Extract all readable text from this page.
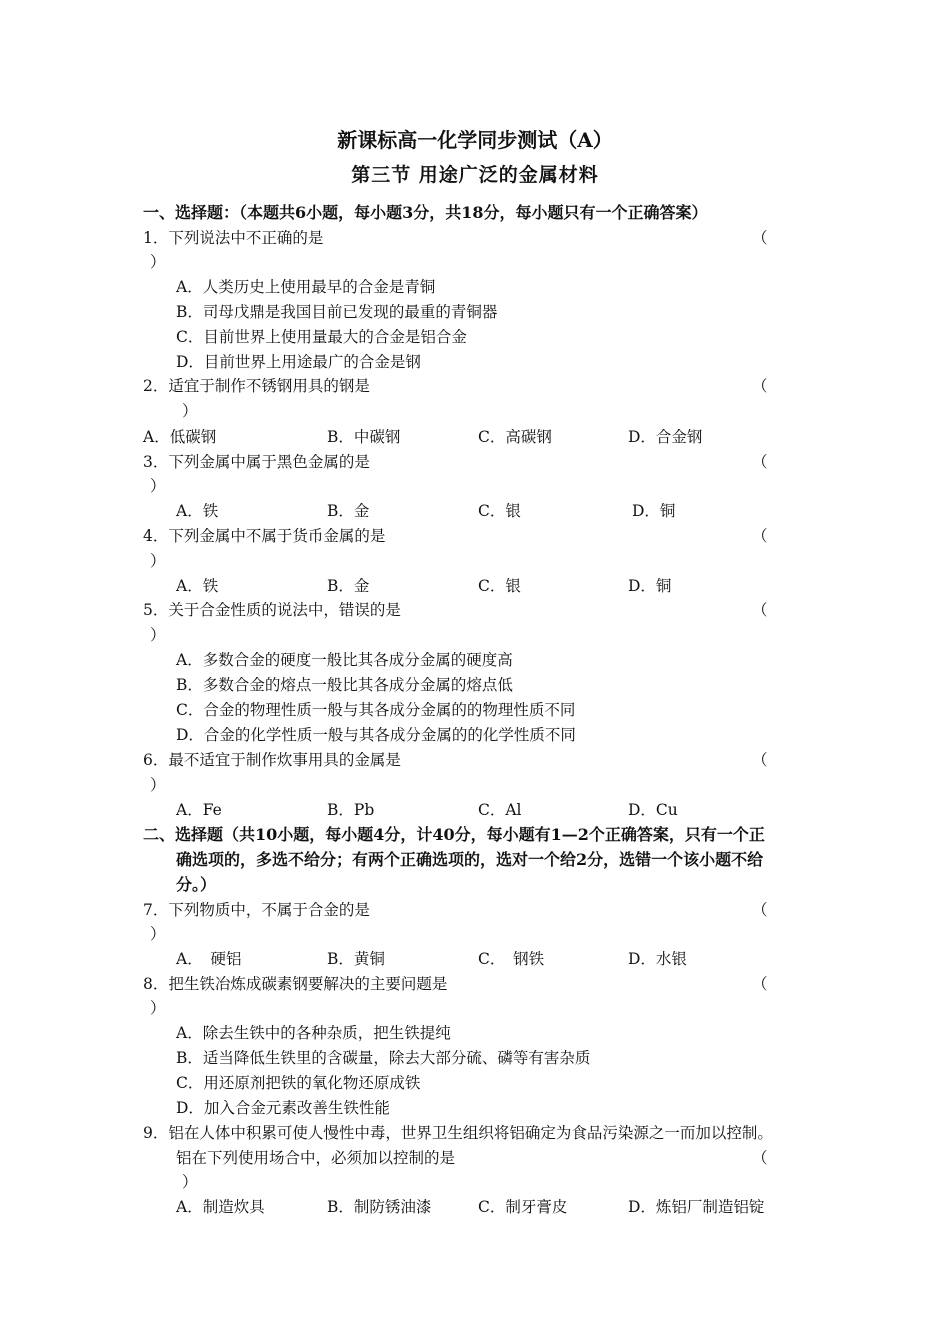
新课标高一化学同步测试（A）
第三节 用途广泛的金属材料
一、选择题：（本题共6小题，每小题3分，共18分，每小题只有一个正确答案）
1．下列说法中不正确的是	（
）
A．人类历史上使用最早的合金是青铜
B．司母戊鼎是我国目前已发现的最重的青铜器
C．目前世界上使用量最大的合金是铝合金
D．目前世界上用途最广的合金是钢
2．适宜于制作不锈钢用具的钢是	（
）
A．低碳钢	B．中碳钢	C．高碳钢	D．合金钢
3．下列金属中属于黑色金属的是	（
）
A．铁	B．金	C．银	D．铜
4．下列金属中不属于货币金属的是	（
）
A．铁	B．金	C．银	D．铜
5．关于合金性质的说法中，错误的是	（
）
A．多数合金的硬度一般比其各成分金属的硬度高
B．多数合金的熔点一般比其各成分金属的熔点低
C．合金的物理性质一般与其各成分金属的的物理性质不同
D．合金的化学性质一般与其各成分金属的的化学性质不同
6．最不适宜于制作炊事用具的金属是	（
）
A．Fe	B．Pb	C．Al	D．Cu
二、选择题（共10小题，每小题4分，计40分，每小题有1—2个正确答案，只有一个正
确选项的，多选不给分；有两个正确选项的，选对一个给2分，选错一个该小题不给
分。）
7．下列物质中，不属于合金的是	（
）
A．　硬铝	B．黄铜	C．　钢铁	D．水银
8．把生铁冶炼成碳素钢要解决的主要问题是	（
）
A．除去生铁中的各种杂质，把生铁提纯
B．适当降低生铁里的含碳量，除去大部分硫、磷等有害杂质
C．用还原剂把铁的氧化物还原成铁
D．加入合金元素改善生铁性能
9．铝在人体中积累可使人慢性中毒，世界卫生组织将铝确定为食品污染源之一而加以控制。
铝在下列使用场合中，必须加以控制的是	（
）
A．制造炊具	B．制防锈油漆	C．制牙膏皮	D．炼铝厂制造铝锭
